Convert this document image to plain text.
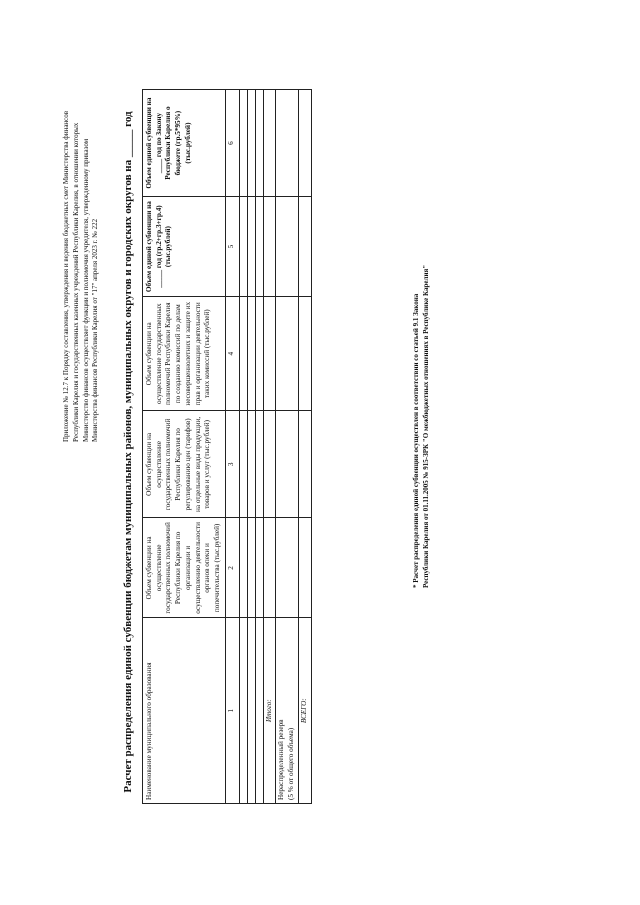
Приложение № 12.7 к Порядку составления, утверждения и ведения бюджетных смет Министерства финансов Республики Карелия и государственных казенных учреждений Республики Карелия, в отношении которых Министерство финансов осуществляет функции и полномочия учредителя, утвержденному приказом Министерства финансов Республики Карелия от "17" апреля 2023 г. № 222 Расчет распределения единой субвенции бюджетам муниципальных районов, муниципальных округов и городских округов на _____ год Наименование муниципального образования	Объем субвенции на осуществление государственных полномочий Республики Карелия по организации и осуществлению деятельности органов опеки и попечительства (тыс.рублей)	Объем субвенции на осуществление государственных полномочий Республики Карелия по регулированию цен (тарифов) на отдельные виды продукции, товаров и услуг (тыс.рублей)	Объем субвенции на осуществление государственных полномочий Республики Карелия по созданию комиссий по делам несовершеннолетних и защите их прав и организации деятельности таких комиссий (тыс.рублей)	Объем единой субвенции на _____ год (гр.2+гр.3+гр.4) (тыс.рублей)	Объем единой субвенции на ____ год по Закону Республики Карелия о бюджете (гр.5*95%) (тыс.рублей)
1	2	3	4	5	6

Итого:					

Нераспределенный резерв (5 % от общего объема)					

ВСЕГО:					
* Расчет распределения единой субвенции осуществлен в соответствии со статьей 9.1 Закона Республики Карелия от 01.11.2005 № 915-ЗРК "О межбюджетных отношениях в Республике Карелия"
